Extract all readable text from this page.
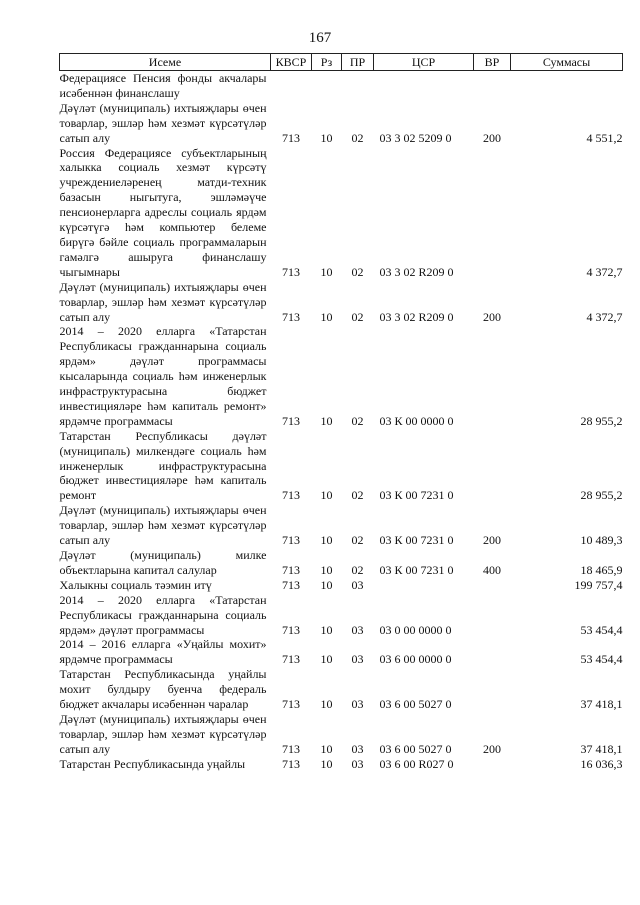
167
Исеме	КВСР	Рз	ПР	ЦСР	ВР	Суммасы
Федерациясе Пенсия фонды акчалары исәбеннән финанслашу						
Дәүләт (муниципаль) ихтыяҗлары өчен товарлар, эшләр һәм хезмәт күрсәтүләр сатып алу	713	10	02	03 3 02 5209 0	200	4 551,2
Россия Федерациясе субъектларының халыкка социаль хезмәт күрсәтү учреждениеләренең матди-техник базасын ныгытуга, эшләмәүче пенсионерларга адреслы социаль ярдәм күрсәтүгә һәм компьютер белеме бирүгә бәйле социаль программаларын гамәлгә ашыруга финанслашу чыгымнары	713	10	02	03 3 02 R209 0		4 372,7
Дәүләт (муниципаль) ихтыяҗлары өчен товарлар, эшләр һәм хезмәт күрсәтүләр сатып алу	713	10	02	03 3 02 R209 0	200	4 372,7
2014 – 2020 елларга «Татарстан Республикасы гражданнарына социаль ярдәм» дәүләт программасы кысаларында социаль һәм инженерлык инфраструктурасына бюджет инвестицияләре һәм капиталь ремонт» ярдәмче программасы	713	10	02	03 К 00 0000 0		28 955,2
Татарстан Республикасы дәүләт (муниципаль) милкендәге социаль һәм инженерлык инфраструктурасына бюджет инвестицияләре һәм капиталь ремонт	713	10	02	03 К 00 7231 0		28 955,2
Дәүләт (муниципаль) ихтыяҗлары өчен товарлар, эшләр һәм хезмәт күрсәтүләр сатып алу	713	10	02	03 К 00 7231 0	200	10 489,3
Дәүләт (муниципаль) милке объектларына капитал салулар	713	10	02	03 К 00 7231 0	400	18 465,9
Халыкны социаль тәэмин итү	713	10	03			199 757,4
2014 – 2020 елларга «Татарстан Республикасы гражданнарына социаль ярдәм» дәүләт программасы	713	10	03	03 0 00 0000 0		53 454,4
2014 – 2016 елларга «Уңайлы мохит» ярдәмче программасы	713	10	03	03 6 00 0000 0		53 454,4
Татарстан Республикасында уңайлы мохит булдыру буенча федераль бюджет акчалары исәбеннән чаралар	713	10	03	03 6 00 5027 0		37 418,1
Дәүләт (муниципаль) ихтыяҗлары өчен товарлар, эшләр һәм хезмәт күрсәтүләр сатып алу	713	10	03	03 6 00 5027 0	200	37 418,1
Татарстан Республикасында уңайлы	713	10	03	03 6 00 R027 0		16 036,3
